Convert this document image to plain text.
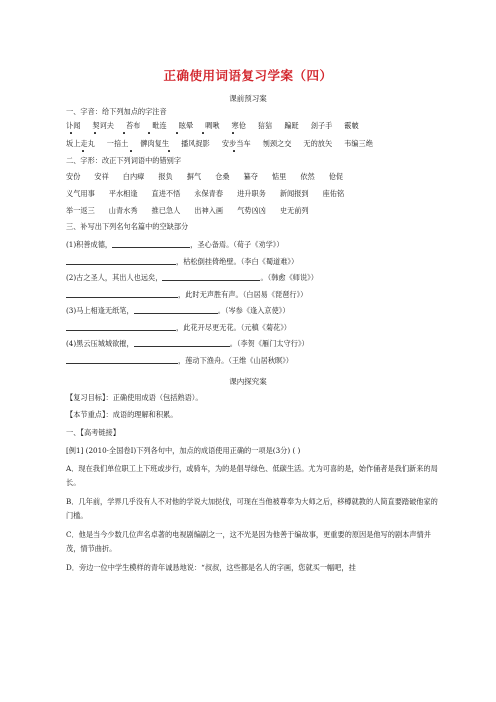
正确使用词语复习学案（四）
课前预习案
一、字音：给下列加点的字注音
讣闻 契诃夫 苔布 毗连 眩晕 啁啾 寒伧 狺狺 蹁跹 刽子手 霰帔
坂上走丸 一掊土 髀肉复生 播风捉影 安步当车 刎颈之交 无的放矢 韦编三绝
二、字形：改正下列词语中的错别字
安份 安祥 白内瘴 报负 摒气 仓桑 纂夺 惦里 依然 伧促
义气用事 平水相逢 直进不悟 永保青春 进升职务 新闻报到 座佑铭
举一返三 山青水秀 推已急人 出神入画 气势凶凶 史无前列
三、补写出下列名句名篇中的空缺部分
(1)积善成德，	，圣心备焉。（荀子《劝学》）
，枯松倒挂倚绝壁。（李白《蜀道难》）
(2)古之圣人，其出人也远矣，	。（韩愈《师说》）
，此时无声胜有声。（白居易《琵琶行》）
(3)马上相逢无纸笔，	。（岑参《逢入京使》）
，此花开尽更无花。（元稹《菊花》）
(4)黑云压城城欲摧，	。（李贺《雁门太守行》）
，莲动下渔舟。（王维《山居秋暝》）
课内探究案
【复习目标】：正确使用成语（包括熟语）。
【本节重点】：成语的理解和积累。
一、【高考链接】
[例1] (2010·全国卷Ⅰ)下列各句中，加点的成语使用正确的一项是(3分) ( )
A．现在我们单位职工上下班或步行，或骑车，为的是倡导绿色、低碳生活。尤为可喜的是，始作俑者是我们新来的局长。
B．几年前，学界几乎没有人不对他的学说大加挞伐，可现在当他被尊奉为大师之后，移樽就教的人简直要踏破他家的门槛。
C．他是当今少数几位声名卓著的电视剧编剧之一，这不光是因为他善于编故事，更重要的原因是他写的剧本声情并茂，情节曲折。
D．旁边一位中学生模样的青年诚恳地说：“叔叔，这些都是名人的字画，您就买一幅吧，挂
